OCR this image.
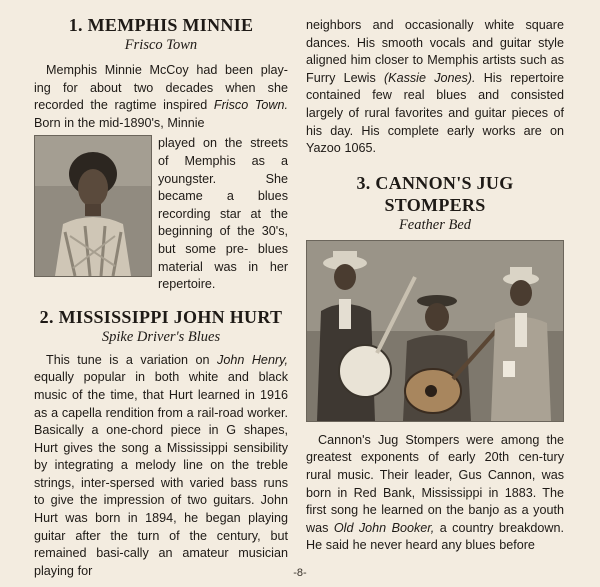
1. MEMPHIS MINNIE
Frisco Town

Memphis Minnie McCoy had been play- ing for about two decades when she recorded the ragtime inspired Frisco Town. Born in the mid-1890's, Minnie

played on the streets of Memphis as a youngster. She became a blues recording star at the beginning of the 30's, but some pre- blues material was in her repertoire.

2. MISSISSIPPI JOHN HURT
Spike Driver's Blues

This tune is a variation on John Henry, equally popular in both white and black music of the time, that Hurt learned in 1916 as a capella rendition from a rail-road worker. Basically a one-chord piece in G shapes, Hurt gives the song a Mississippi sensibility by integrating a melody line on the treble strings, inter-spersed with varied bass runs to give the impression of two guitars. John Hurt was born in 1894, he began playing guitar after the turn of the century, but remained basi-cally an amateur musician playing for

neighbors and occasionally white square dances. His smooth vocals and guitar style aligned him closer to Memphis artists such as Furry Lewis (Kassie Jones). His repertoire contained few real blues and consisted largely of rural favorites and guitar pieces of his day. His complete early works are on Yazoo 1065.

3. CANNON'S JUG STOMPERS
Feather Bed

Cannon's Jug Stompers were among the greatest exponents of early 20th cen-tury rural music. Their leader, Gus Cannon, was born in Red Bank, Mississippi in 1883. The first song he learned on the banjo as a youth was Old John Booker, a country breakdown. He said he never heard any blues before

-8-
